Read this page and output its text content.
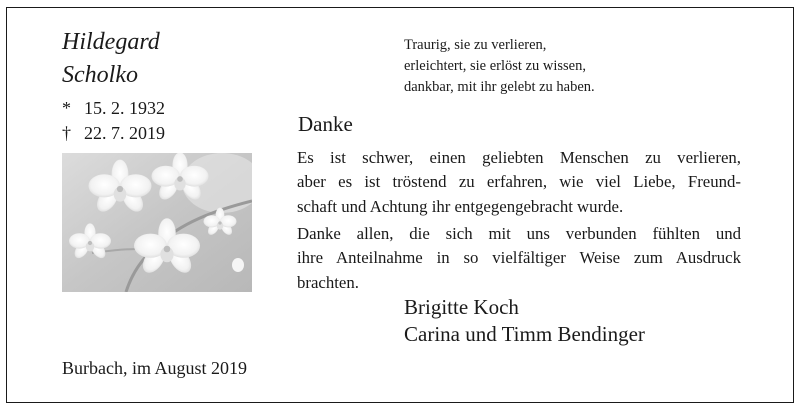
Hildegard
Scholko
* 15. 2. 1932
† 22. 7. 2019
Traurig, sie zu verlieren,
erleichtert, sie erlöst zu wissen,
dankbar, mit ihr gelebt zu haben.
Danke
Es ist schwer, einen geliebten Menschen zu verlieren,
aber es ist tröstend zu erfahren, wie viel Liebe, Freund-
schaft und Achtung ihr entgegengebracht wurde.
Danke allen, die sich mit uns verbunden fühlten und
ihre Anteilnahme in so vielfältiger Weise zum Ausdruck
brachten.
Brigitte Koch
Carina und Timm Bendinger
Burbach, im August 2019
